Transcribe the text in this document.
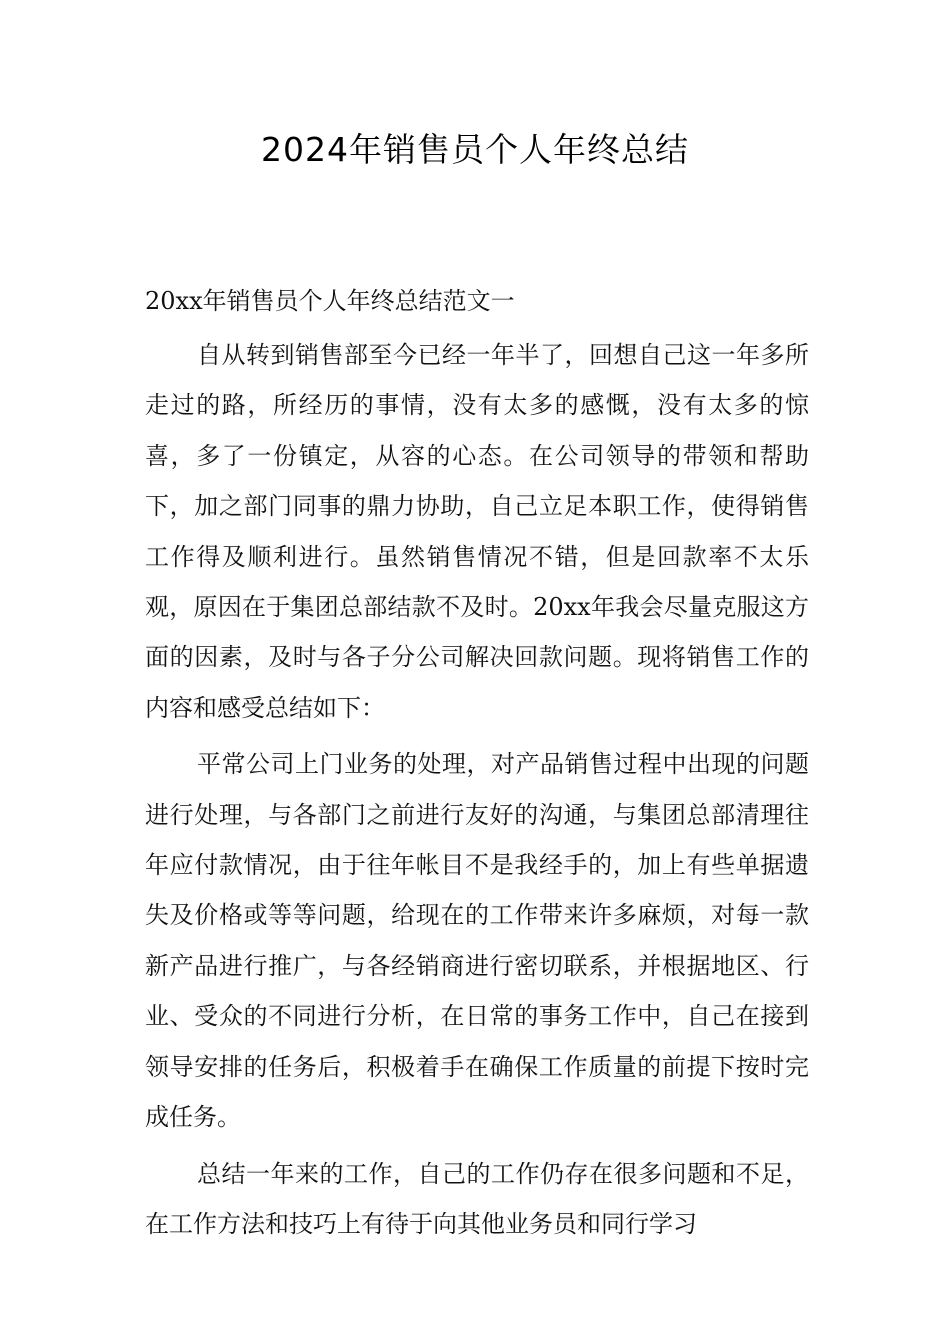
2024年销售员个人年终总结
20xx年销售员个人年终总结范文一

自从转到销售部至今已经一年半了，回想自己这一年多所走过的路，所经历的事情，没有太多的感慨，没有太多的惊喜，多了一份镇定，从容的心态。在公司领导的带领和帮助下，加之部门同事的鼎力协助，自己立足本职工作，使得销售工作得及顺利进行。虽然销售情况不错，但是回款率不太乐观，原因在于集团总部结款不及时。20xx年我会尽量克服这方面的因素，及时与各子分公司解决回款问题。现将销售工作的内容和感受总结如下：

平常公司上门业务的处理，对产品销售过程中出现的问题进行处理，与各部门之前进行友好的沟通，与集团总部清理往年应付款情况，由于往年帐目不是我经手的，加上有些单据遗失及价格或等等问题，给现在的工作带来许多麻烦，对每一款新产品进行推广，与各经销商进行密切联系，并根据地区、行业、受众的不同进行分析，在日常的事务工作中，自己在接到领导安排的任务后，积极着手在确保工作质量的前提下按时完成任务。

总结一年来的工作，自己的工作仍存在很多问题和不足，在工作方法和技巧上有待于向其他业务员和同行学习
